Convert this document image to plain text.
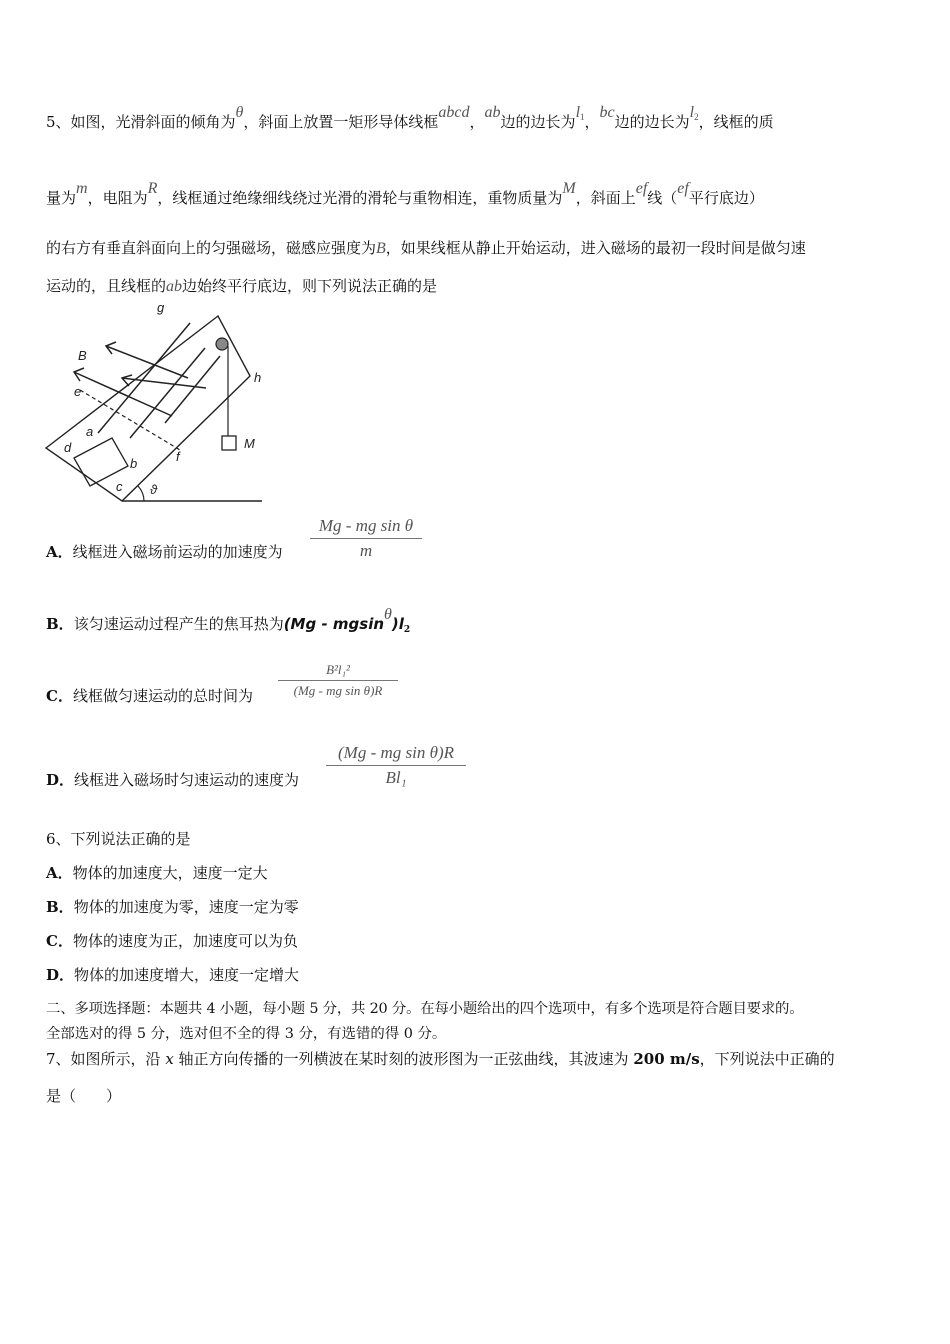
5、如图，光滑斜面的倾角为θ，斜面上放置一矩形导体线框abcd，ab边的边长为l1，bc边的边长为l2，线框的质
量为m，电阻为R，线框通过绝缘细线绕过光滑的滑轮与重物相连，重物质量为M，斜面上ef线（ef平行底边）
的右方有垂直斜面向上的匀强磁场，磁感应强度为B，如果线框从静止开始运动，进入磁场的最初一段时间是做匀速
运动的，且线框的ab边始终平行底边，则下列说法正确的是
g
h
B
e
a
d
b
c
f
ϑ
M
A．线框进入磁场前运动的加速度为
Mg - mg sin θ
m
B．该匀速运动过程产生的焦耳热为$(Mg - mgsin\theta)l_2$
C．线框做匀速运动的总时间为
B²l₁²
(Mg - mg sin θ)R
D．线框进入磁场时匀速运动的速度为
(Mg - mg sin θ)R
Bl₁
6、下列说法正确的是
A．物体的加速度大，速度一定大
B．物体的加速度为零，速度一定为零
C．物体的速度为正，加速度可以为负
D．物体的加速度增大，速度一定增大
二、多项选择题：本题共 4 小题，每小题 5 分，共 20 分。在每小题给出的四个选项中，有多个选项是符合题目要求的。
全部选对的得 5 分，选对但不全的得 3 分，有选错的得 0 分。
7、如图所示，沿 x 轴正方向传播的一列横波在某时刻的波形图为一正弦曲线，其波速为 200 m/s，下列说法中正确的
是（　　）
